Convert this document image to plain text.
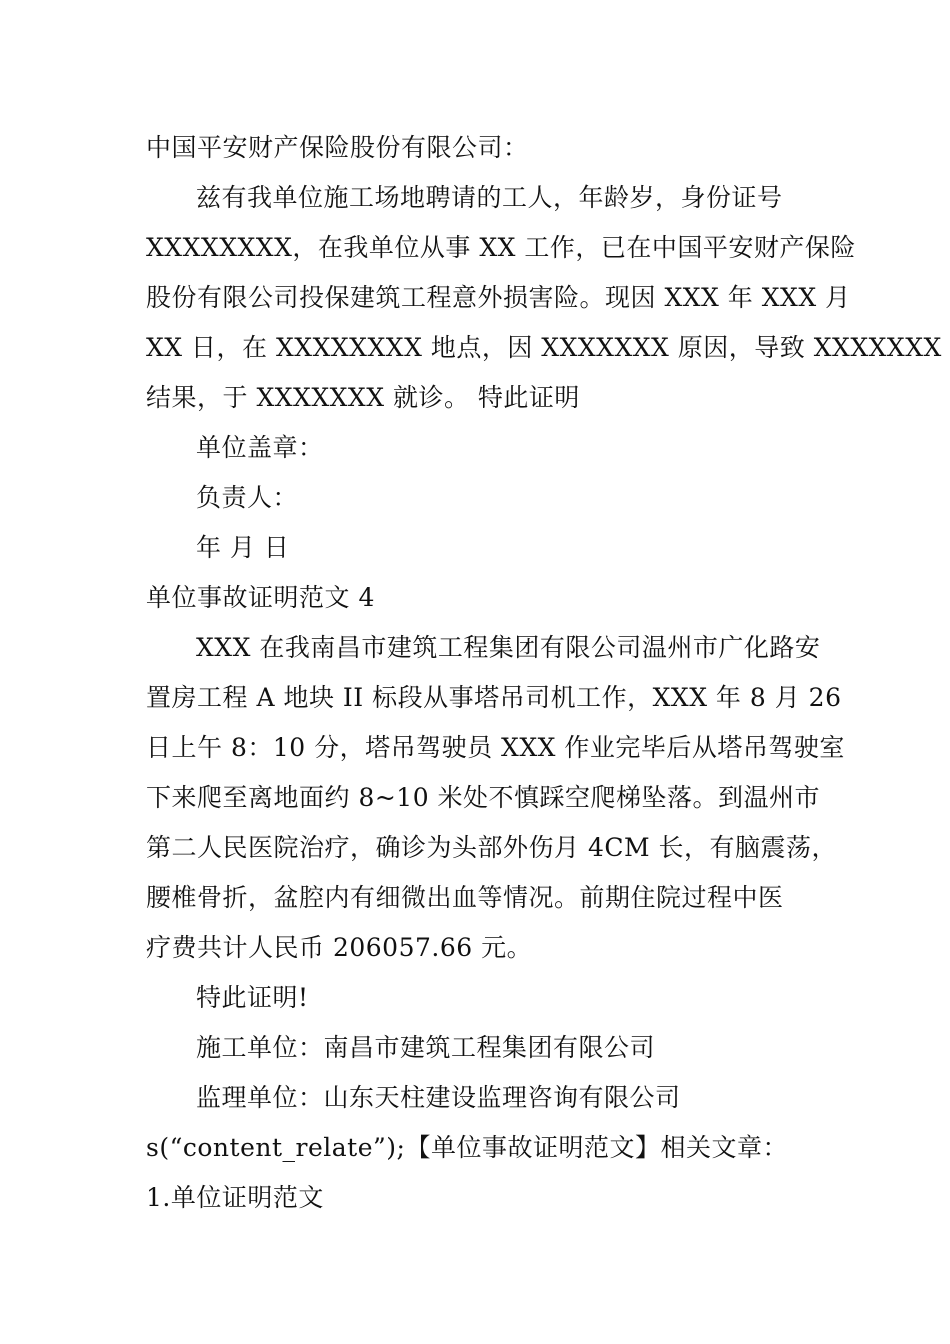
中国平安财产保险股份有限公司：
兹有我单位施工场地聘请的工人，年龄岁，身份证号
XXXXXXXX，在我单位从事 XX 工作，已在中国平安财产保险
股份有限公司投保建筑工程意外损害险。现因 XXX 年 XXX 月
XX 日，在 XXXXXXXX 地点，因 XXXXXXX 原因，导致 XXXXXXX
结果，于 XXXXXXX 就诊。 特此证明
单位盖章：
负责人：
年 月 日
单位事故证明范文 4
XXX 在我南昌市建筑工程集团有限公司温州市广化路安
置房工程 A 地块 II 标段从事塔吊司机工作，XXX 年 8 月 26
日上午 8：10 分，塔吊驾驶员 XXX 作业完毕后从塔吊驾驶室
下来爬至离地面约 8~10 米处不慎踩空爬梯坠落。到温州市
第二人民医院治疗，确诊为头部外伤月 4CM 长，有脑震荡，
腰椎骨折，盆腔内有细微出血等情况。前期住院过程中医
疗费共计人民币 206057.66 元。
特此证明!
施工单位：南昌市建筑工程集团有限公司
监理单位：山东天柱建设监理咨询有限公司
s(“content_relate”);【单位事故证明范文】相关文章：
1.单位证明范文
